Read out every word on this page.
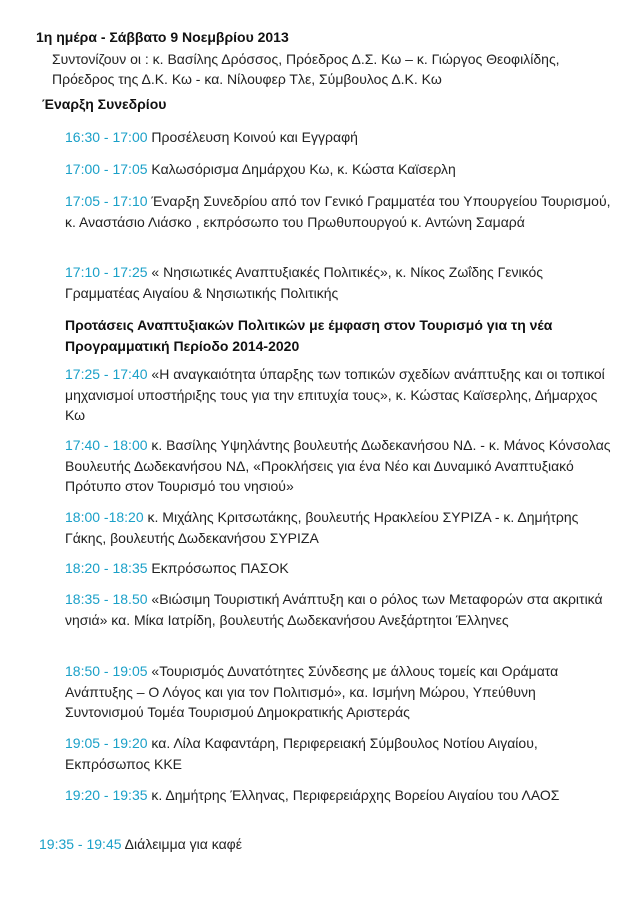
1η ημέρα - Σάββατο 9 Νοεμβρίου 2013
Συντονίζουν οι : κ. Βασίλης Δρόσσος, Πρόεδρος Δ.Σ. Κω – κ. Γιώργος Θεοφιλίδης, Πρόεδρος της Δ.Κ. Κω - κα. Νίλουφερ Τλε, Σύμβουλος Δ.Κ. Κω
Έναρξη Συνεδρίου
16:30 - 17:00 Προσέλευση Κοινού και Εγγραφή
17:00 - 17:05 Καλωσόρισμα Δημάρχου Κω, κ. Κώστα Καϊσερλη
17:05 - 17:10 Έναρξη Συνεδρίου από τον Γενικό Γραμματέα του Υπουργείου Τουρισμού, κ. Αναστάσιο Λιάσκο , εκπρόσωπο του Πρωθυπουργού κ. Αντώνη Σαμαρά
17:10 - 17:25 « Νησιωτικές Αναπτυξιακές Πολιτικές», κ. Νίκος Ζωΐδης Γενικός Γραμματέας Αιγαίου & Νησιωτικής Πολιτικής
Προτάσεις Αναπτυξιακών Πολιτικών με έμφαση στον Τουρισμό για τη νέα Προγραμματική Περίοδο 2014-2020
17:25 - 17:40 «Η αναγκαιότητα ύπαρξης των τοπικών σχεδίων ανάπτυξης και οι τοπικοί μηχανισμοί υποστήριξης τους για την επιτυχία τους», κ. Κώστας Καϊσερλης, Δήμαρχος Κω
17:40 - 18:00 κ. Βασίλης Υψηλάντης βουλευτής Δωδεκανήσου ΝΔ. - κ. Μάνος Κόνσολας Βουλευτής Δωδεκανήσου ΝΔ, «Προκλήσεις για ένα Νέο και Δυναμικό Αναπτυξιακό Πρότυπο στον Τουρισμό του νησιού»
18:00 -18:20 κ. Μιχάλης Κριτσωτάκης, βουλευτής Ηρακλείου ΣΥΡΙΖΑ - κ. Δημήτρης Γάκης, βουλευτής Δωδεκανήσου ΣΥΡΙΖΑ
18:20 - 18:35 Εκπρόσωπος ΠΑΣΟΚ
18:35 - 18.50 «Βιώσιμη Τουριστική Ανάπτυξη και ο ρόλος των Μεταφορών στα ακριτικά νησιά» κα. Μίκα Ιατρίδη, βουλευτής Δωδεκανήσου Ανεξάρτητοι Έλληνες
18:50 - 19:05 «Τουρισμός Δυνατότητες Σύνδεσης με άλλους τομείς και Οράματα Ανάπτυξης – Ο Λόγος και για τον Πολιτισμό», κα. Ισμήνη Μώρου, Υπεύθυνη Συντονισμού Τομέα Τουρισμού Δημοκρατικής Αριστεράς
19:05 - 19:20 κα. Λίλα Καφαντάρη, Περιφερειακή Σύμβουλος Νοτίου Αιγαίου, Εκπρόσωπος ΚΚΕ
19:20 - 19:35 κ. Δημήτρης Έλληνας, Περιφερειάρχης Βορείου Αιγαίου του ΛΑΟΣ
19:35 - 19:45 Διάλειμμα για καφέ
